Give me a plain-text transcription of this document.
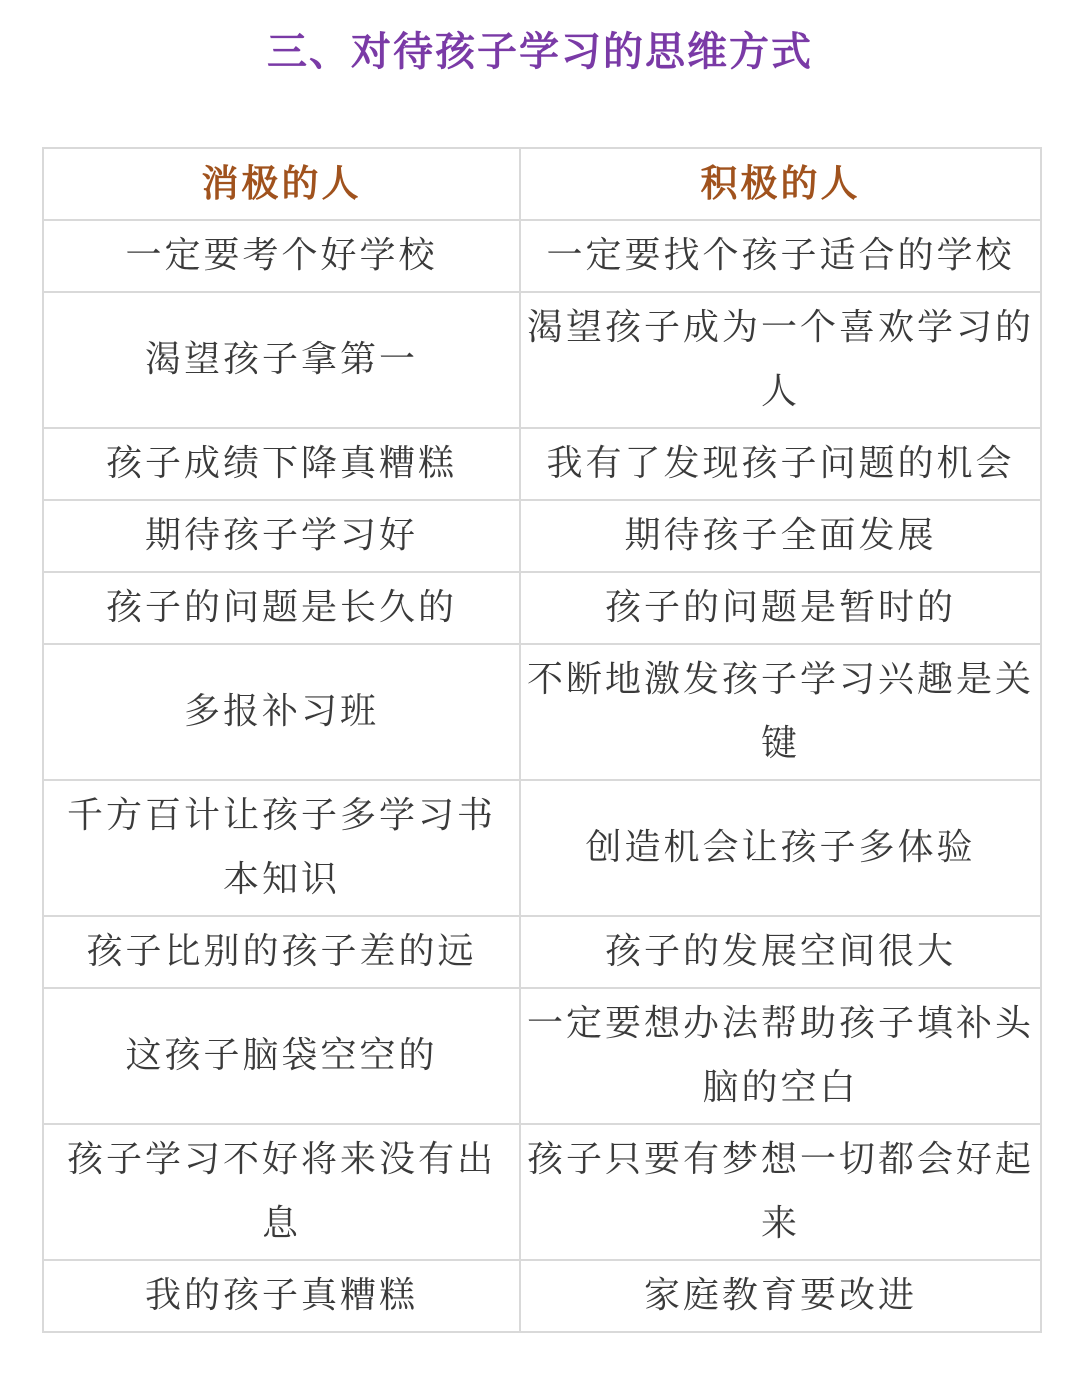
三、对待孩子学习的思维方式
消极的人	积极的人
一定要考个好学校	一定要找个孩子适合的学校
渴望孩子拿第一	渴望孩子成为一个喜欢学习的人
孩子成绩下降真糟糕	我有了发现孩子问题的机会
期待孩子学习好	期待孩子全面发展
孩子的问题是长久的	孩子的问题是暂时的
多报补习班	不断地激发孩子学习兴趣是关键
千方百计让孩子多学习书本知识	创造机会让孩子多体验
孩子比别的孩子差的远	孩子的发展空间很大
这孩子脑袋空空的	一定要想办法帮助孩子填补头脑的空白
孩子学习不好将来没有出息	孩子只要有梦想一切都会好起来
我的孩子真糟糕	家庭教育要改进
